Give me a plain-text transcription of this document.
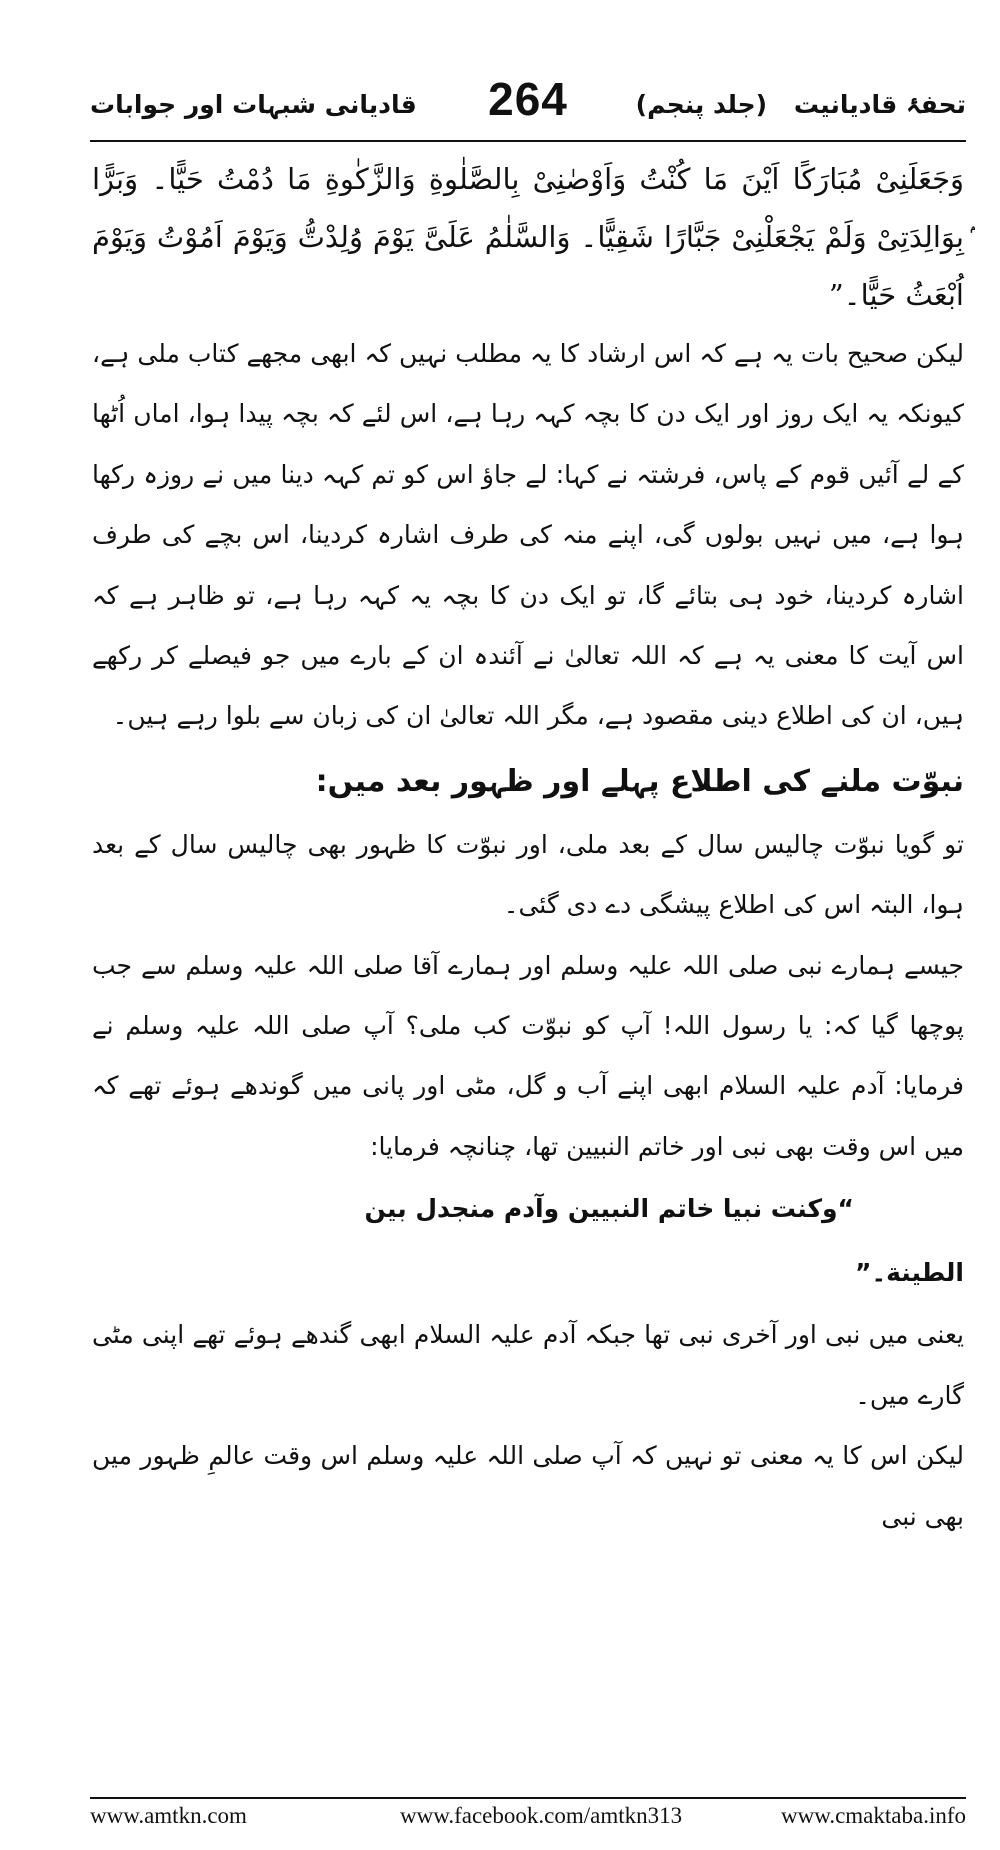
تحفۂ قادیانیت (جلد پنجم)
264
قادیانی شبہات اور جوابات

وَجَعَلَنِیْ مُبَارَكًا اَیْنَ مَا كُنْتُ وَاَوْصٰنِیْ بِالصَّلٰوةِ وَالزَّكٰوةِ مَا دُمْتُ حَیًّا۔ وَبَرًّا ۢبِوَالِدَتِیْ وَلَمْ یَجْعَلْنِیْ جَبَّارًا شَقِیًّا۔ وَالسَّلٰمُ عَلَیَّ یَوْمَ وُلِدْتُّ وَیَوْمَ اَمُوْتُ وَیَوْمَ اُبْعَثُ حَیًّا۔”

لیکن صحیح بات یہ ہے کہ اس ارشاد کا یہ مطلب نہیں کہ ابھی مجھے کتاب ملی ہے، کیونکہ یہ ایک روز اور ایک دن کا بچہ کہہ رہا ہے، اس لئے کہ بچہ پیدا ہوا، اماں اُٹھا کے لے آئیں قوم کے پاس، فرشتہ نے کہا: لے جاؤ اس کو تم کہہ دینا میں نے روزہ رکھا ہوا ہے، میں نہیں بولوں گی، اپنے منہ کی طرف اشارہ کردینا، اس بچے کی طرف اشارہ کردینا، خود ہی بتائے گا، تو ایک دن کا بچہ یہ کہہ رہا ہے، تو ظاہر ہے کہ اس آیت کا معنی یہ ہے کہ اللہ تعالیٰ نے آئندہ ان کے بارے میں جو فیصلے کر رکھے ہیں، ان کی اطلاع دینی مقصود ہے، مگر اللہ تعالیٰ ان کی زبان سے بلوا رہے ہیں۔

نبوّت ملنے کی اطلاع پہلے اور ظہور بعد میں:

تو گویا نبوّت چالیس سال کے بعد ملی، اور نبوّت کا ظہور بھی چالیس سال کے بعد ہوا، البتہ اس کی اطلاع پیشگی دے دی گئی۔

جیسے ہمارے نبی صلی اللہ علیہ وسلم اور ہمارے آقا صلی اللہ علیہ وسلم سے جب پوچھا گیا کہ: یا رسول اللہ! آپ کو نبوّت کب ملی؟ آپ صلی اللہ علیہ وسلم نے فرمایا: آدم علیہ السلام ابھی اپنے آب و گل، مٹی اور پانی میں گوندھے ہوئے تھے کہ میں اس وقت بھی نبی اور خاتم النبیین تھا، چنانچہ فرمایا:

“وکنت نبیا خاتم النبیین وآدم منجدل بین

الطینة۔”

یعنی میں نبی اور آخری نبی تھا جبکہ آدم علیہ السلام ابھی گندھے ہوئے تھے اپنی مٹی گارے میں۔

لیکن اس کا یہ معنی تو نہیں کہ آپ صلی اللہ علیہ وسلم اس وقت عالمِ ظہور میں بھی نبی

www.amtkn.com	www.facebook.com/amtkn313	www.cmaktaba.info
